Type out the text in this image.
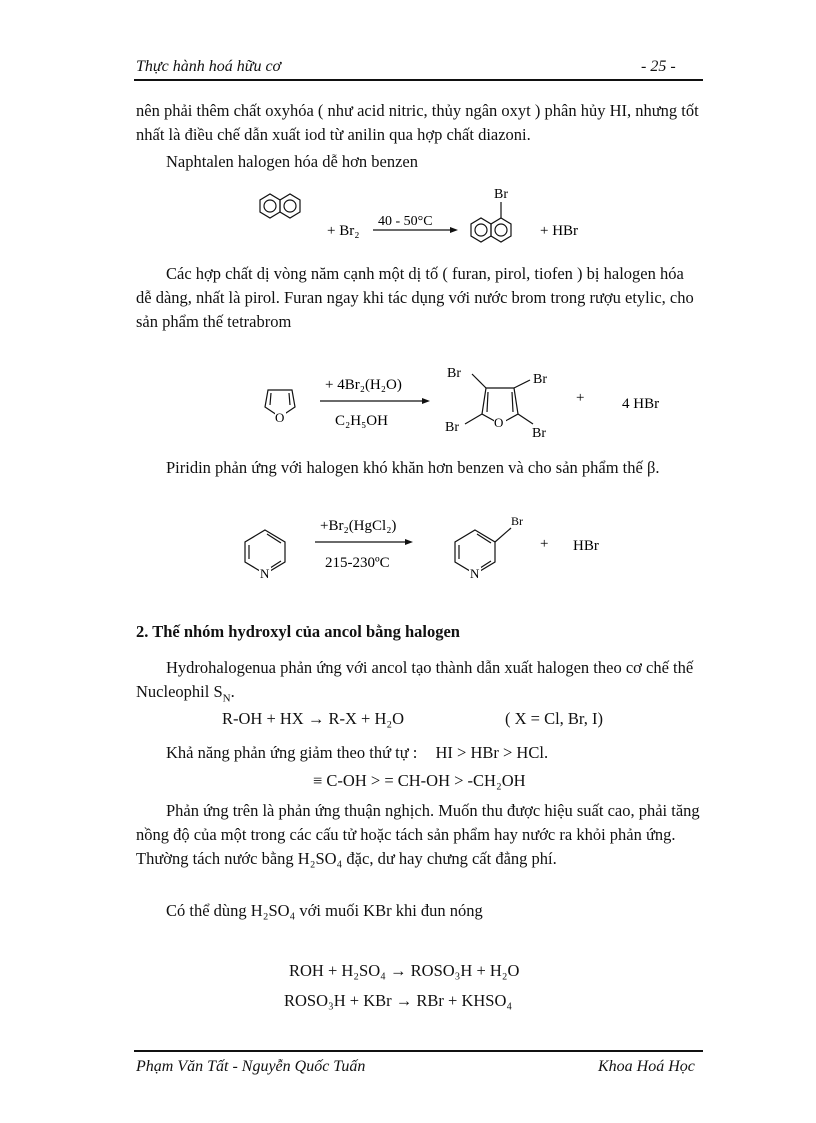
Thực hành hoá hữu cơ	- 25 -
nên phải thêm chất oxyhóa ( như acid nitric, thủy ngân oxyt ) phân hủy HI, nhưng tốt nhất là điều chế dẫn xuất iod từ anilin qua hợp chất diazoni.
Naphtalen halogen hóa dễ hơn benzen
+ Br₂
40 - 50°C
Br
+ HBr
Các hợp chất dị vòng năm cạnh một dị tố ( furan, pirol, tiofen ) bị halogen hóa dễ dàng, nhất là pirol. Furan ngay khi tác dụng với nước brom trong rượu etylic, cho sản phẩm thế tetrabrom
O
+ 4Br₂(H₂O)
C₂H₅OH	O
Br	Br
Br	Br
+	4 HBr
Piridin phản ứng với halogen khó khăn hơn benzen và cho sản phẩm thế β.
N
+Br₂(HgCl₂)
215-230ºC
N
Br
+ HBr
2. Thế nhóm hydroxyl của ancol bằng halogen
Hydrohalogenua phản ứng với ancol tạo thành dẫn xuất halogen theo cơ chế thế Nucleophil $S_N$.
R-OH + HX → R-X + H₂O	( X = Cl, Br, I)
Khả năng phản ứng giảm theo thứ tự : HI > HBr > HCl.
≡ C-OH > = CH-OH > -CH₂OH
Phản ứng trên là phản ứng thuận nghịch. Muốn thu được hiệu suất cao, phải tăng nồng độ của một trong các cấu tử hoặc tách sản phẩm hay nước ra khỏi phản ứng. Thường tách nước bằng H₂SO₄ đặc, dư hay chưng cất đẳng phí.
Có thể dùng H₂SO₄ với muối KBr khi đun nóng
ROH + H₂SO₄ → ROSO₃H + H₂O
ROSO₃H + KBr → RBr + KHSO₄
Phạm Văn Tất - Nguyễn Quốc Tuấn	Khoa Hoá Học
